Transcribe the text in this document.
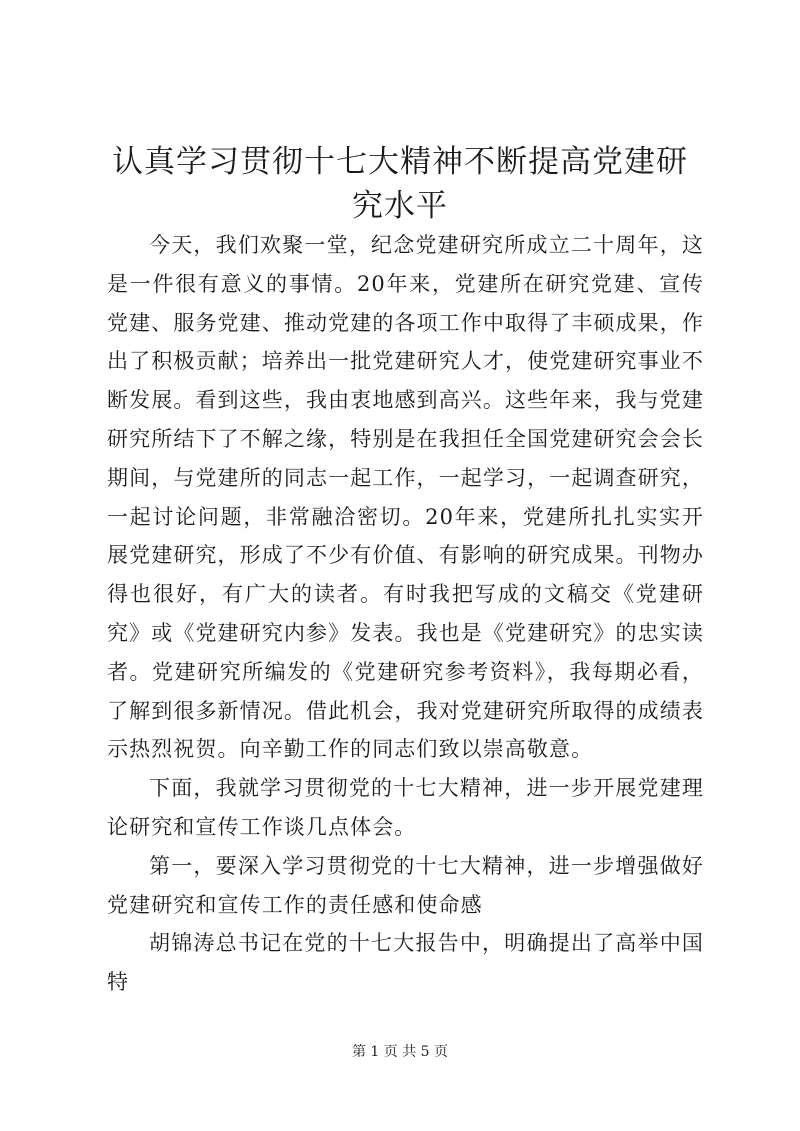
认真学习贯彻十七大精神不断提高党建研究水平

今天，我们欢聚一堂，纪念党建研究所成立二十周年，这是一件很有意义的事情。20年来，党建所在研究党建、宣传党建、服务党建、推动党建的各项工作中取得了丰硕成果，作出了积极贡献；培养出一批党建研究人才，使党建研究事业不断发展。看到这些，我由衷地感到高兴。这些年来，我与党建研究所结下了不解之缘，特别是在我担任全国党建研究会会长期间，与党建所的同志一起工作，一起学习，一起调查研究，一起讨论问题，非常融洽密切。20年来，党建所扎扎实实开展党建研究，形成了不少有价值、有影响的研究成果。刊物办得也很好，有广大的读者。有时我把写成的文稿交《党建研究》或《党建研究内参》发表。我也是《党建研究》的忠实读者。党建研究所编发的《党建研究参考资料》，我每期必看，了解到很多新情况。借此机会，我对党建研究所取得的成绩表示热烈祝贺。向辛勤工作的同志们致以崇高敬意。

下面，我就学习贯彻党的十七大精神，进一步开展党建理论研究和宣传工作谈几点体会。

第一，要深入学习贯彻党的十七大精神，进一步增强做好党建研究和宣传工作的责任感和使命感

胡锦涛总书记在党的十七大报告中，明确提出了高举中国特

第 1 页 共 5 页
